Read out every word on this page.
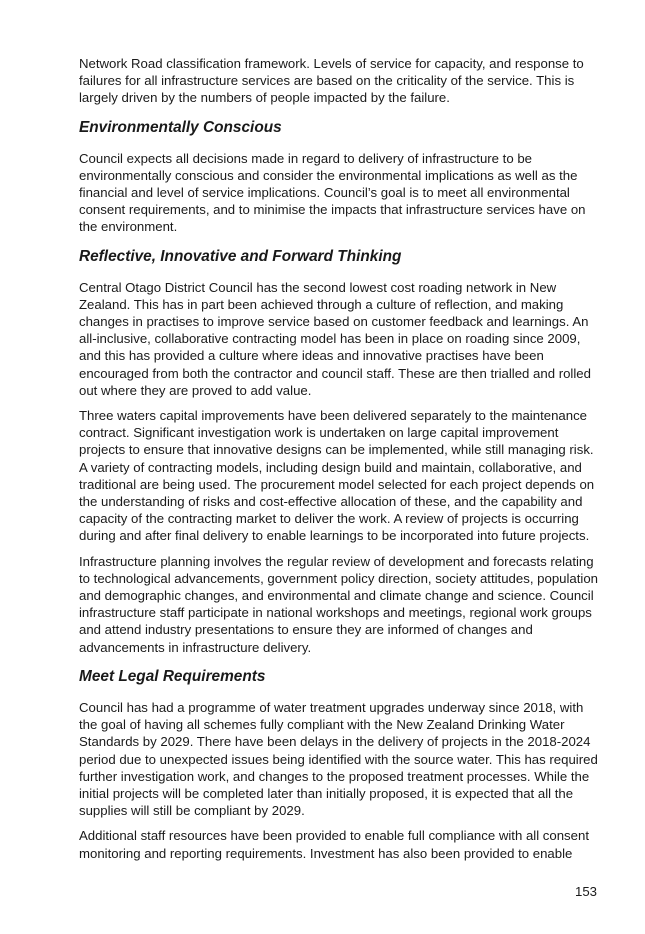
Network Road classification framework. Levels of service for capacity, and response to failures for all infrastructure services are based on the criticality of the service. This is largely driven by the numbers of people impacted by the failure.

Environmentally Conscious

Council expects all decisions made in regard to delivery of infrastructure to be environmentally conscious and consider the environmental implications as well as the financial and level of service implications. Council’s goal is to meet all environmental consent requirements, and to minimise the impacts that infrastructure services have on the environment.

Reflective, Innovative and Forward Thinking

Central Otago District Council has the second lowest cost roading network in New Zealand. This has in part been achieved through a culture of reflection, and making changes in practises to improve service based on customer feedback and learnings. An all-inclusive, collaborative contracting model has been in place on roading since 2009, and this has provided a culture where ideas and innovative practises have been encouraged from both the contractor and council staff. These are then trialled and rolled out where they are proved to add value.

Three waters capital improvements have been delivered separately to the maintenance contract. Significant investigation work is undertaken on large capital improvement projects to ensure that innovative designs can be implemented, while still managing risk. A variety of contracting models, including design build and maintain, collaborative, and traditional are being used. The procurement model selected for each project depends on the understanding of risks and cost-effective allocation of these, and the capability and capacity of the contracting market to deliver the work. A review of projects is occurring during and after final delivery to enable learnings to be incorporated into future projects.

Infrastructure planning involves the regular review of development and forecasts relating to technological advancements, government policy direction, society attitudes, population and demographic changes, and environmental and climate change and science. Council infrastructure staff participate in national workshops and meetings, regional work groups and attend industry presentations to ensure they are informed of changes and advancements in infrastructure delivery.

Meet Legal Requirements

Council has had a programme of water treatment upgrades underway since 2018, with the goal of having all schemes fully compliant with the New Zealand Drinking Water Standards by 2029. There have been delays in the delivery of projects in the 2018-2024 period due to unexpected issues being identified with the source water. This has required further investigation work, and changes to the proposed treatment processes. While the initial projects will be completed later than initially proposed, it is expected that all the supplies will still be compliant by 2029.

Additional staff resources have been provided to enable full compliance with all consent monitoring and reporting requirements. Investment has also been provided to enable

153
